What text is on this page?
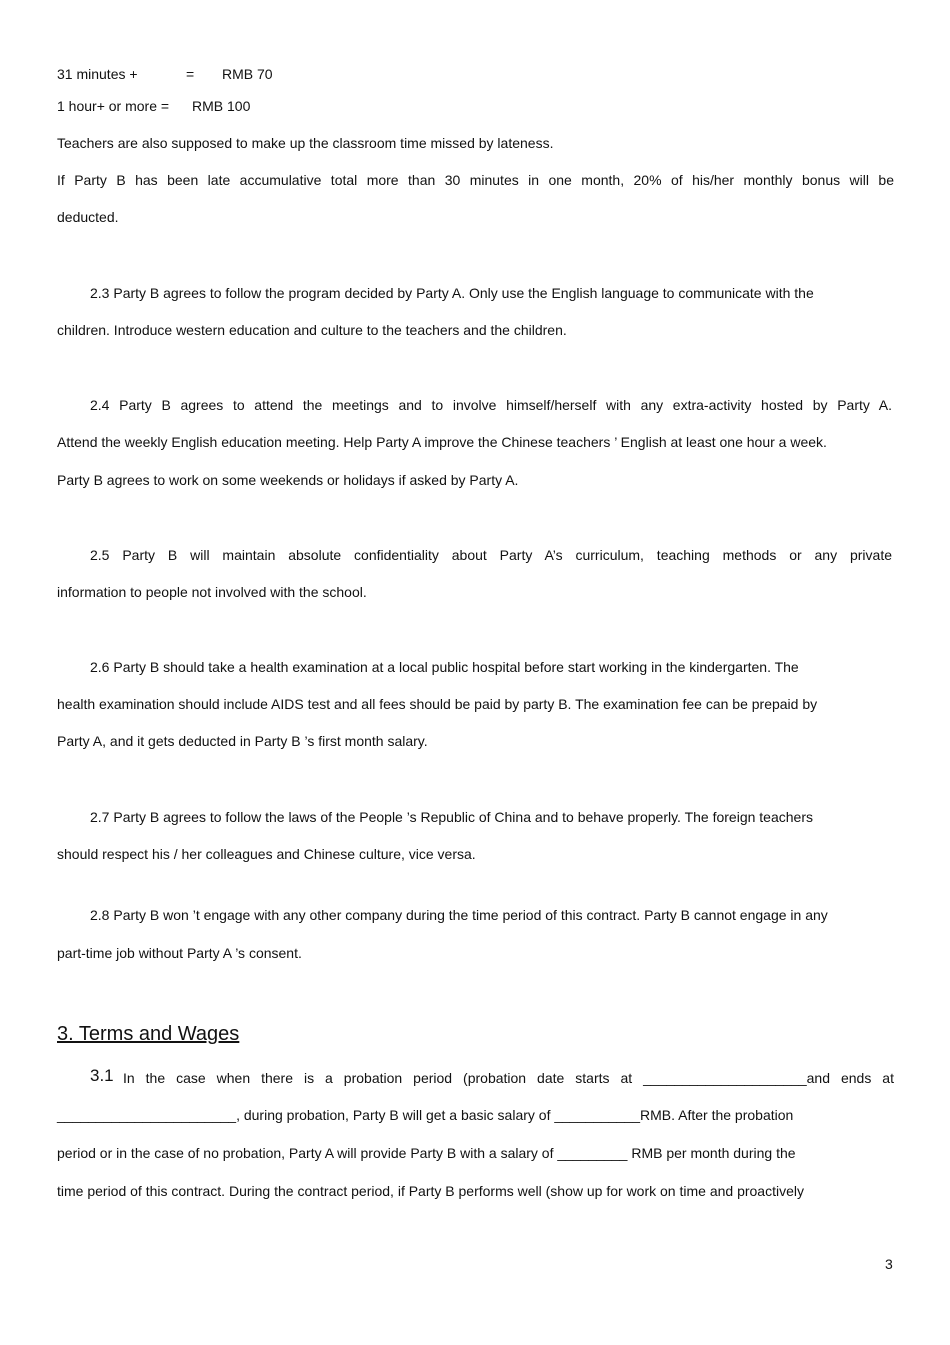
31 minutes +	= RMB 70
1 hour+ or more = RMB 100
Teachers are also supposed to make up the classroom time missed by lateness.
If Party B has been late accumulative total more than 30 minutes in one month, 20% of his/her monthly bonus will be
deducted.
2.3 Party B agrees to follow the program decided by Party A. Only use the English language to communicate with the
children. Introduce western education and culture to the teachers and the children.
2.4 Party B agrees to attend the meetings and to involve himself/herself with any extra-activity hosted by Party A.
Attend the weekly English education meeting. Help Party A improve the Chinese teachers ’ English at least one hour a week.
Party B agrees to work on some weekends or holidays if asked by Party A.
2.5 Party B will maintain absolute confidentiality about Party A’s curriculum, teaching methods or any private
information to people not involved with the school.
2.6 Party B should take a health examination at a local public hospital before start working in the kindergarten. The
health examination should include AIDS test and all fees should be paid by party B. The examination fee can be prepaid by
Party A, and it gets deducted in Party B ’s first month salary.
2.7 Party B agrees to follow the laws of the People ’s Republic of China and to behave properly. The foreign teachers
should respect his / her colleagues and Chinese culture, vice versa.
2.8 Party B won ’t engage with any other company during the time period of this contract. Party B cannot engage in any
part-time job without Party A ’s consent.
3. Terms and Wages
3.1 In the case when there is a probation period (probation date starts at _____________________and ends at
_______________________, during probation, Party B will get a basic salary of ___________RMB. After the probation
period or in the case of no probation, Party A will provide Party B with a salary of _________ RMB per month during the
time period of this contract. During the contract period, if Party B performs well (show up for work on time and proactively
3
